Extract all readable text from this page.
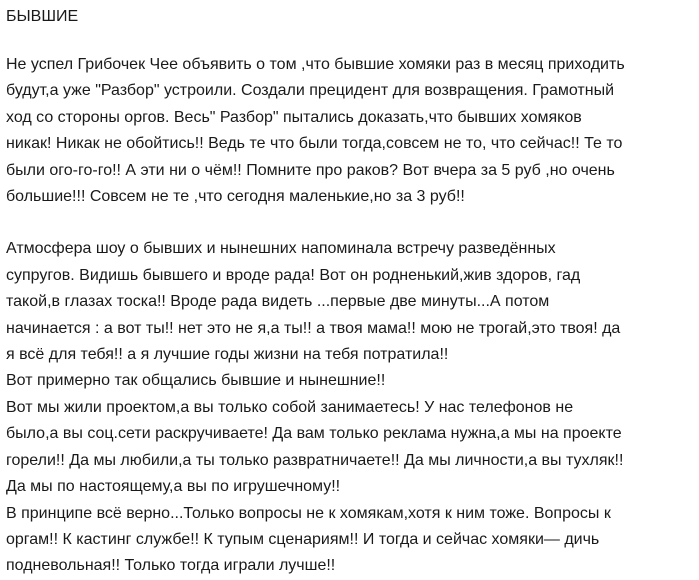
БЫВШИЕ
Не успел Грибочек Чее объявить о том ,что бывшие хомяки раз в месяц приходить
будут,а уже "Разбор" устроили. Создали прецидент для возвращения. Грамотный
ход со стороны оргов. Весь" Разбор" пытались доказать,что бывших хомяков
никак! Никак не обойтись!! Ведь те что были тогда,совсем не то, что сейчас!! Те то
были ого-го-го!! А эти ни о чём!! Помните про раков? Вот вчера за 5 руб ,но очень
большие!!! Совсем не те ,что сегодня маленькие,но за 3 руб!!
Атмосфера шоу о бывших и нынешних напоминала встречу разведённых
супругов. Видишь бывшего и вроде рада! Вот он родненький,жив здоров, гад
такой,в глазах тоска!! Вроде рада видеть ...первые две минуты...А потом
начинается : а вот ты!! нет это не я,а ты!! а твоя мама!! мою не трогай,это твоя! да
я всё для тебя!! а я лучшие годы жизни на тебя потратила!!
Вот примерно так общались бывшие и нынешние!!
Вот мы жили проектом,а вы только собой занимаетесь! У нас телефонов не
было,а вы соц.сети раскручиваете! Да вам только реклама нужна,а мы на проекте
горели!! Да мы любили,а ты только развратничаете!! Да мы личности,а вы тухляк!!
Да мы по настоящему,а вы по игрушечному!!
В принципе всё верно...Только вопросы не к хомякам,хотя к ним тоже. Вопросы к
оргам!! К кастинг службе!! К тупым сценариям!! И тогда и сейчас хомяки— дичь
подневольная!! Только тогда играли лучше!!
